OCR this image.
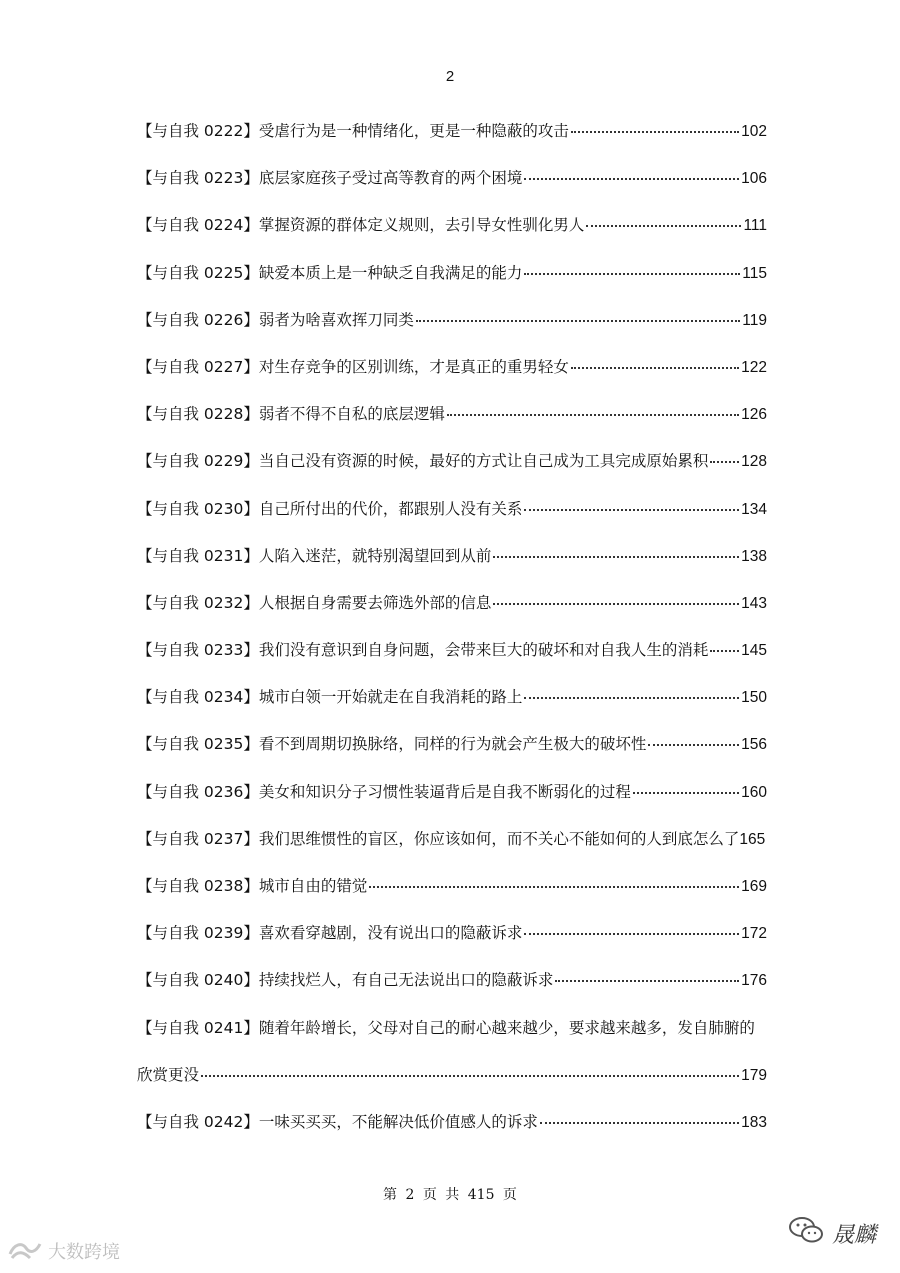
2
【与自我 0222】 受虐行为是一种情绪化，更是一种隐蔽的攻击	102
【与自我 0223】 底层家庭孩子受过高等教育的两个困境	106
【与自我 0224】 掌握资源的群体定义规则，去引导女性驯化男人	111
【与自我 0225】 缺爱本质上是一种缺乏自我满足的能力	115
【与自我 0226】 弱者为啥喜欢挥刀同类	119
【与自我 0227】 对生存竞争的区别训练，才是真正的重男轻女	122
【与自我 0228】 弱者不得不自私的底层逻辑	126
【与自我 0229】 当自己没有资源的时候，最好的方式让自己成为工具完成原始累积 128
【与自我 0230】 自己所付出的代价，都跟别人没有关系	134
【与自我 0231】 人陷入迷茫，就特别渴望回到从前	138
【与自我 0232】 人根据自身需要去筛选外部的信息	143
【与自我 0233】 我们没有意识到自身问题，会带来巨大的破坏和对自我人生的消耗 145
【与自我 0234】 城市白领一开始就走在自我消耗的路上	150
【与自我 0235】 看不到周期切换脉络，同样的行为就会产生极大的破坏性	156
【与自我 0236】 美女和知识分子习惯性装逼背后是自我不断弱化的过程	160
【与自我 0237】 我们思维惯性的盲区，你应该如何，而不关心不能如何的人到底怎么了 165
【与自我 0238】 城市自由的错觉	169
【与自我 0239】 喜欢看穿越剧，没有说出口的隐蔽诉求	172
【与自我 0240】 持续找烂人，有自己无法说出口的隐蔽诉求	176
【与自我 0241】 随着年龄增长，父母对自己的耐心越来越少，要求越来越多，发自肺腑的
欣赏更没	179
【与自我 0242】 一味买买买，不能解决低价值感人的诉求	183
第 2 页 共 415 页
大数跨境
晟麟
